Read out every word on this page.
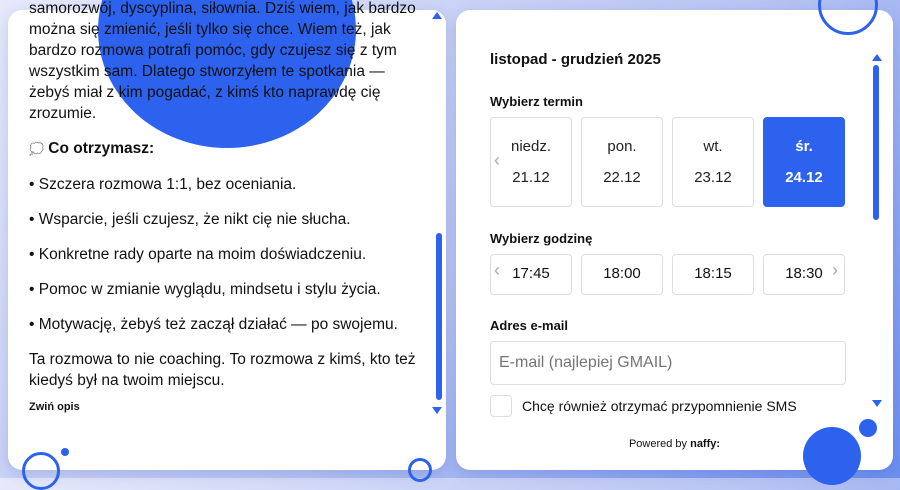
samorozwój, dyscyplina, siłownia. Dziś wiem, jak bardzo można się zmienić, jeśli tylko się chce. Wiem też, jak bardzo rozmowa potrafi pomóc, gdy czujesz się z tym wszystkim sam. Dlatego stworzyłem te spotkania — żebyś miał z kim pogadać, z kimś kto naprawdę cię zrozumie.

💭 Co otrzymasz:

• Szczera rozmowa 1:1, bez oceniania.

• Wsparcie, jeśli czujesz, że nikt cię nie słucha.

• Konkretne rady oparte na moim doświadczeniu.

• Pomoc w zmianie wyglądu, mindsetu i stylu życia.

• Motywację, żebyś też zaczął działać — po swojemu.

Ta rozmowa to nie coaching. To rozmowa z kimś, kto też kiedyś był na twoim miejscu.

Zwiń opis
listopad - grudzień 2025
Wybierz termin
‹
niedz.
21.12
pon.
22.12
wt.
23.12
śr.
24.12
Wybierz godzinę
‹ 17:45	18:00	18:15	18:30 ›
Adres e-mail
E-mail (najlepiej GMAIL)
Chcę również otrzymać przypomnienie SMS
Powered by naffy:
